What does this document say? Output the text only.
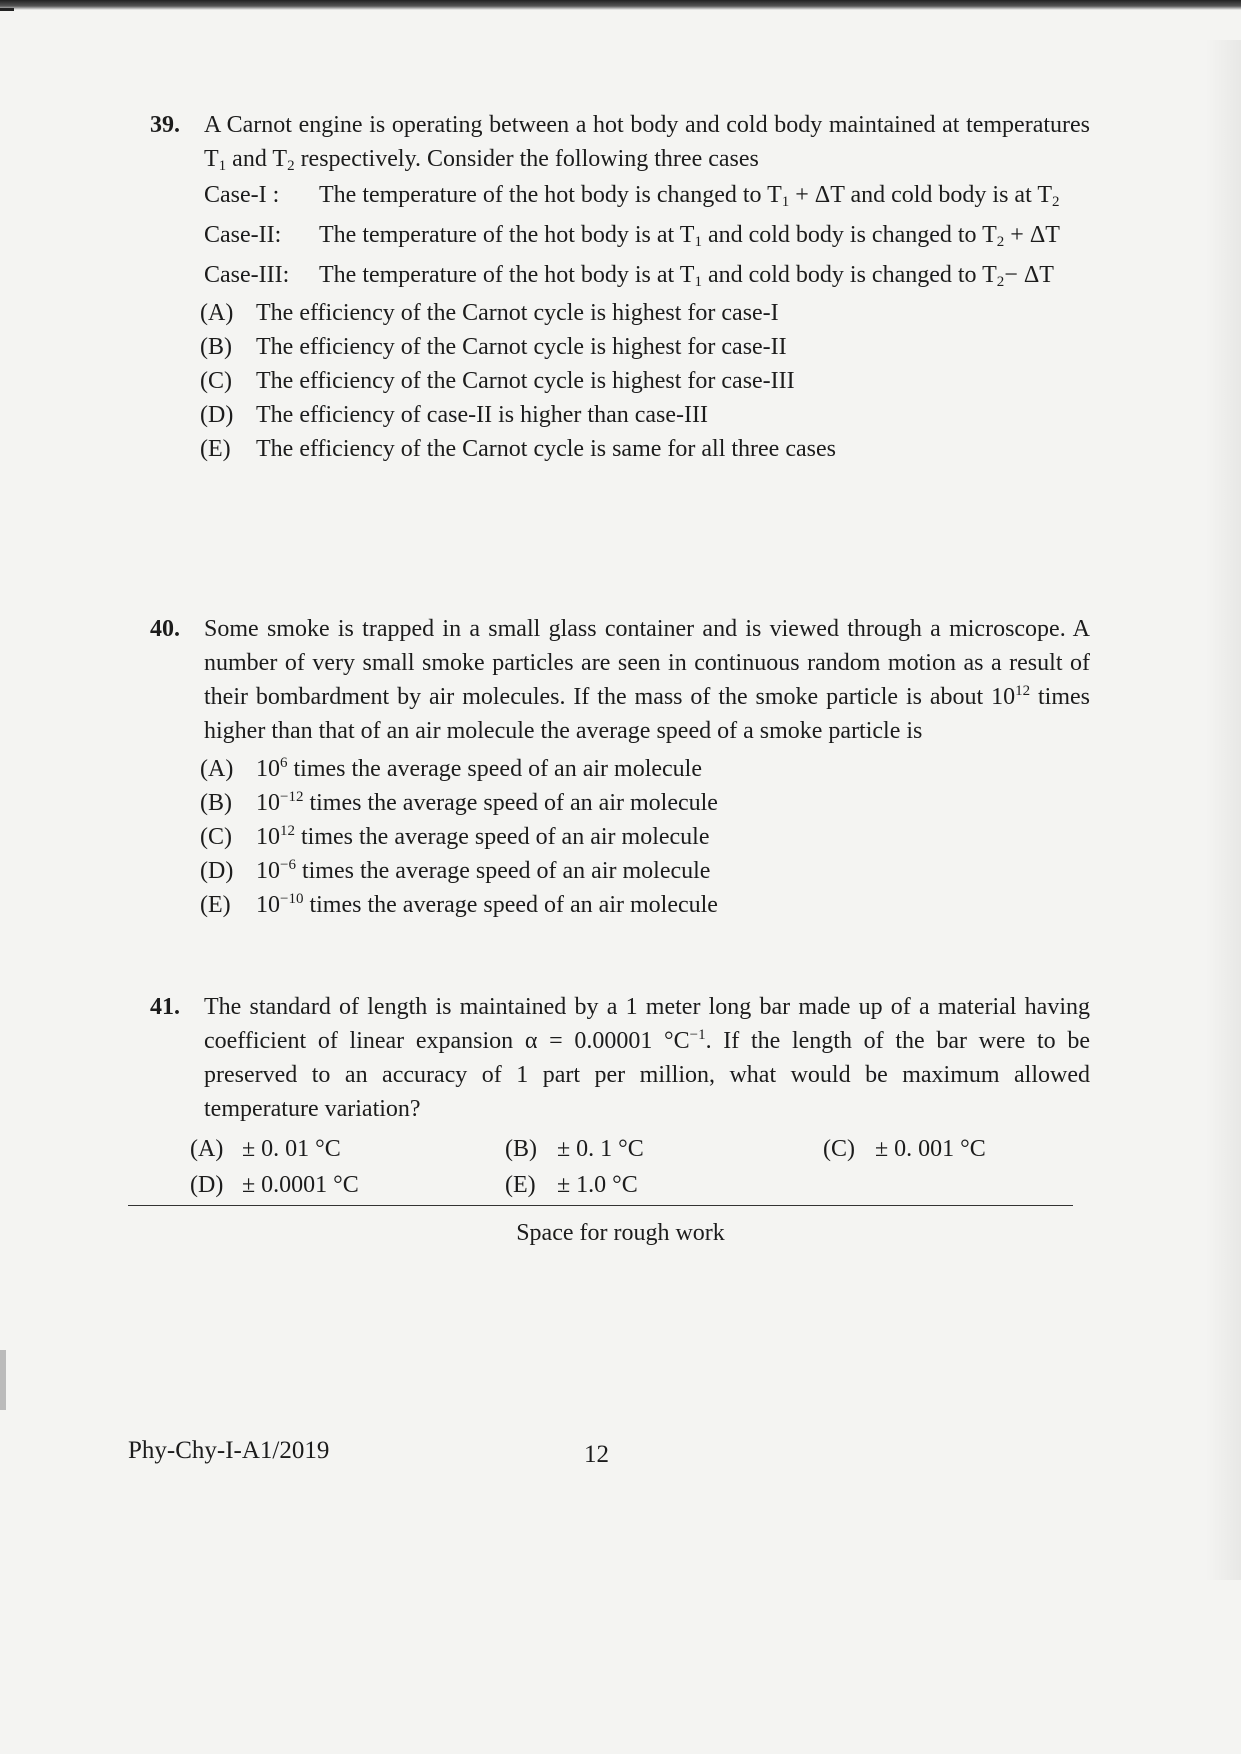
39. A Carnot engine is operating between a hot body and cold body maintained at temperatures $T_1$ and $T_2$ respectively. Consider the following three cases
Case-I :	The temperature of the hot body is changed to $T_1 + \Delta T$ and cold body is at $T_2$
Case-II:	The temperature of the hot body is at $T_1$ and cold body is changed to $T_2 + \Delta T$
Case-III:	The temperature of the hot body is at $T_1$ and cold body is changed to $T_2- \Delta T$
(A) The efficiency of the Carnot cycle is highest for case-I
(B)	The efficiency of the Carnot cycle is highest for case-II
(C)	The efficiency of the Carnot cycle is highest for case-III
(D) The efficiency of case-II is higher than case-III
(E)	The efficiency of the Carnot cycle is same for all three cases
40. Some smoke is trapped in a small glass container and is viewed through a microscope. A number of very small smoke particles are seen in continuous random motion as a result of their bombardment by air molecules. If the mass of the smoke particle is about $10^{12}$ times higher than that of an air molecule the average speed of a smoke particle is
(A) $10^6$ times the average speed of an air molecule
(B)	$10^{-12}$ times the average speed of an air molecule
(C)	$10^{12}$ times the average speed of an air molecule
(D) $10^{-6}$ times the average speed of an air molecule
(E)	$10^{-10}$ times the average speed of an air molecule
41. The standard of length is maintained by a 1 meter long bar made up of a material having coefficient of linear expansion α = 0.00001 $^\circ C^{-1}$. If the length of the bar were to be preserved to an accuracy of 1 part per million, what would be maximum allowed temperature variation?
(A) ± 0. 01 °C	(B) ± 0. 1 °C	(C) ± 0. 001 °C
(D) ± 0.0001 °C	(E) ± 1.0 °C
Space for rough work
Phy-Chy-I-A1/2019	12
